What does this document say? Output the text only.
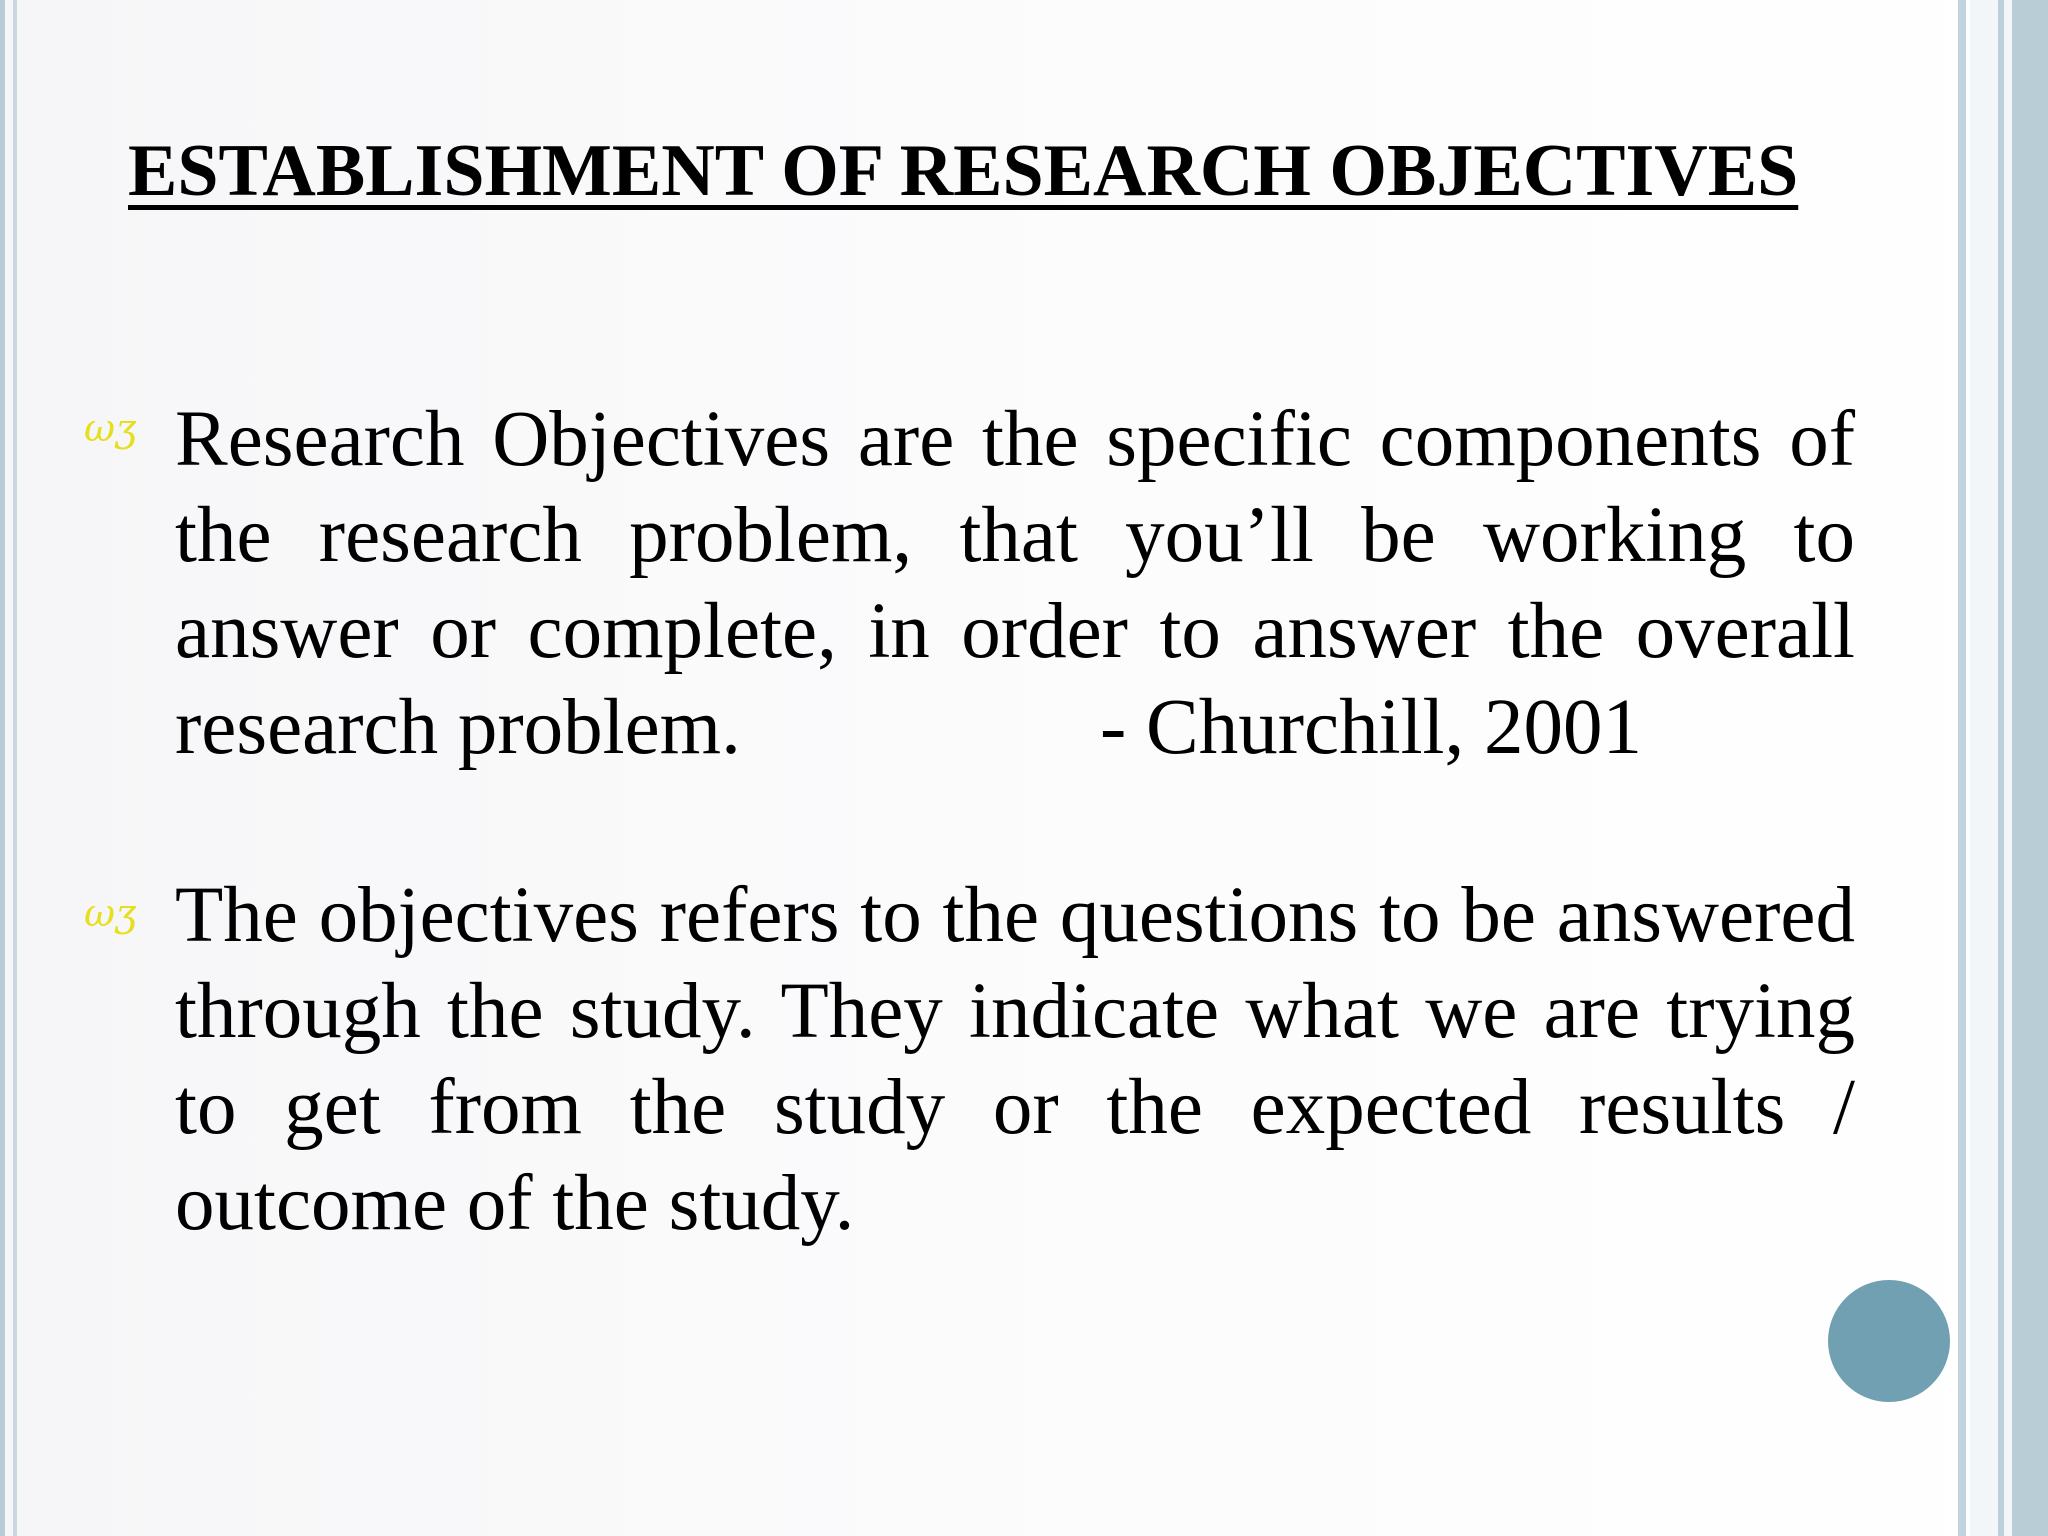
ESTABLISHMENT OF RESEARCH OBJECTIVES
ωʒ Research Objectives are the specific components of the research problem, that you’ll be working to answer or complete, in order to answer the overall research problem.	- Churchill, 2001
ωʒ The objectives refers to the questions to be answered through the study. They indicate what we are trying to get from the study or the expected results / outcome of the study.
